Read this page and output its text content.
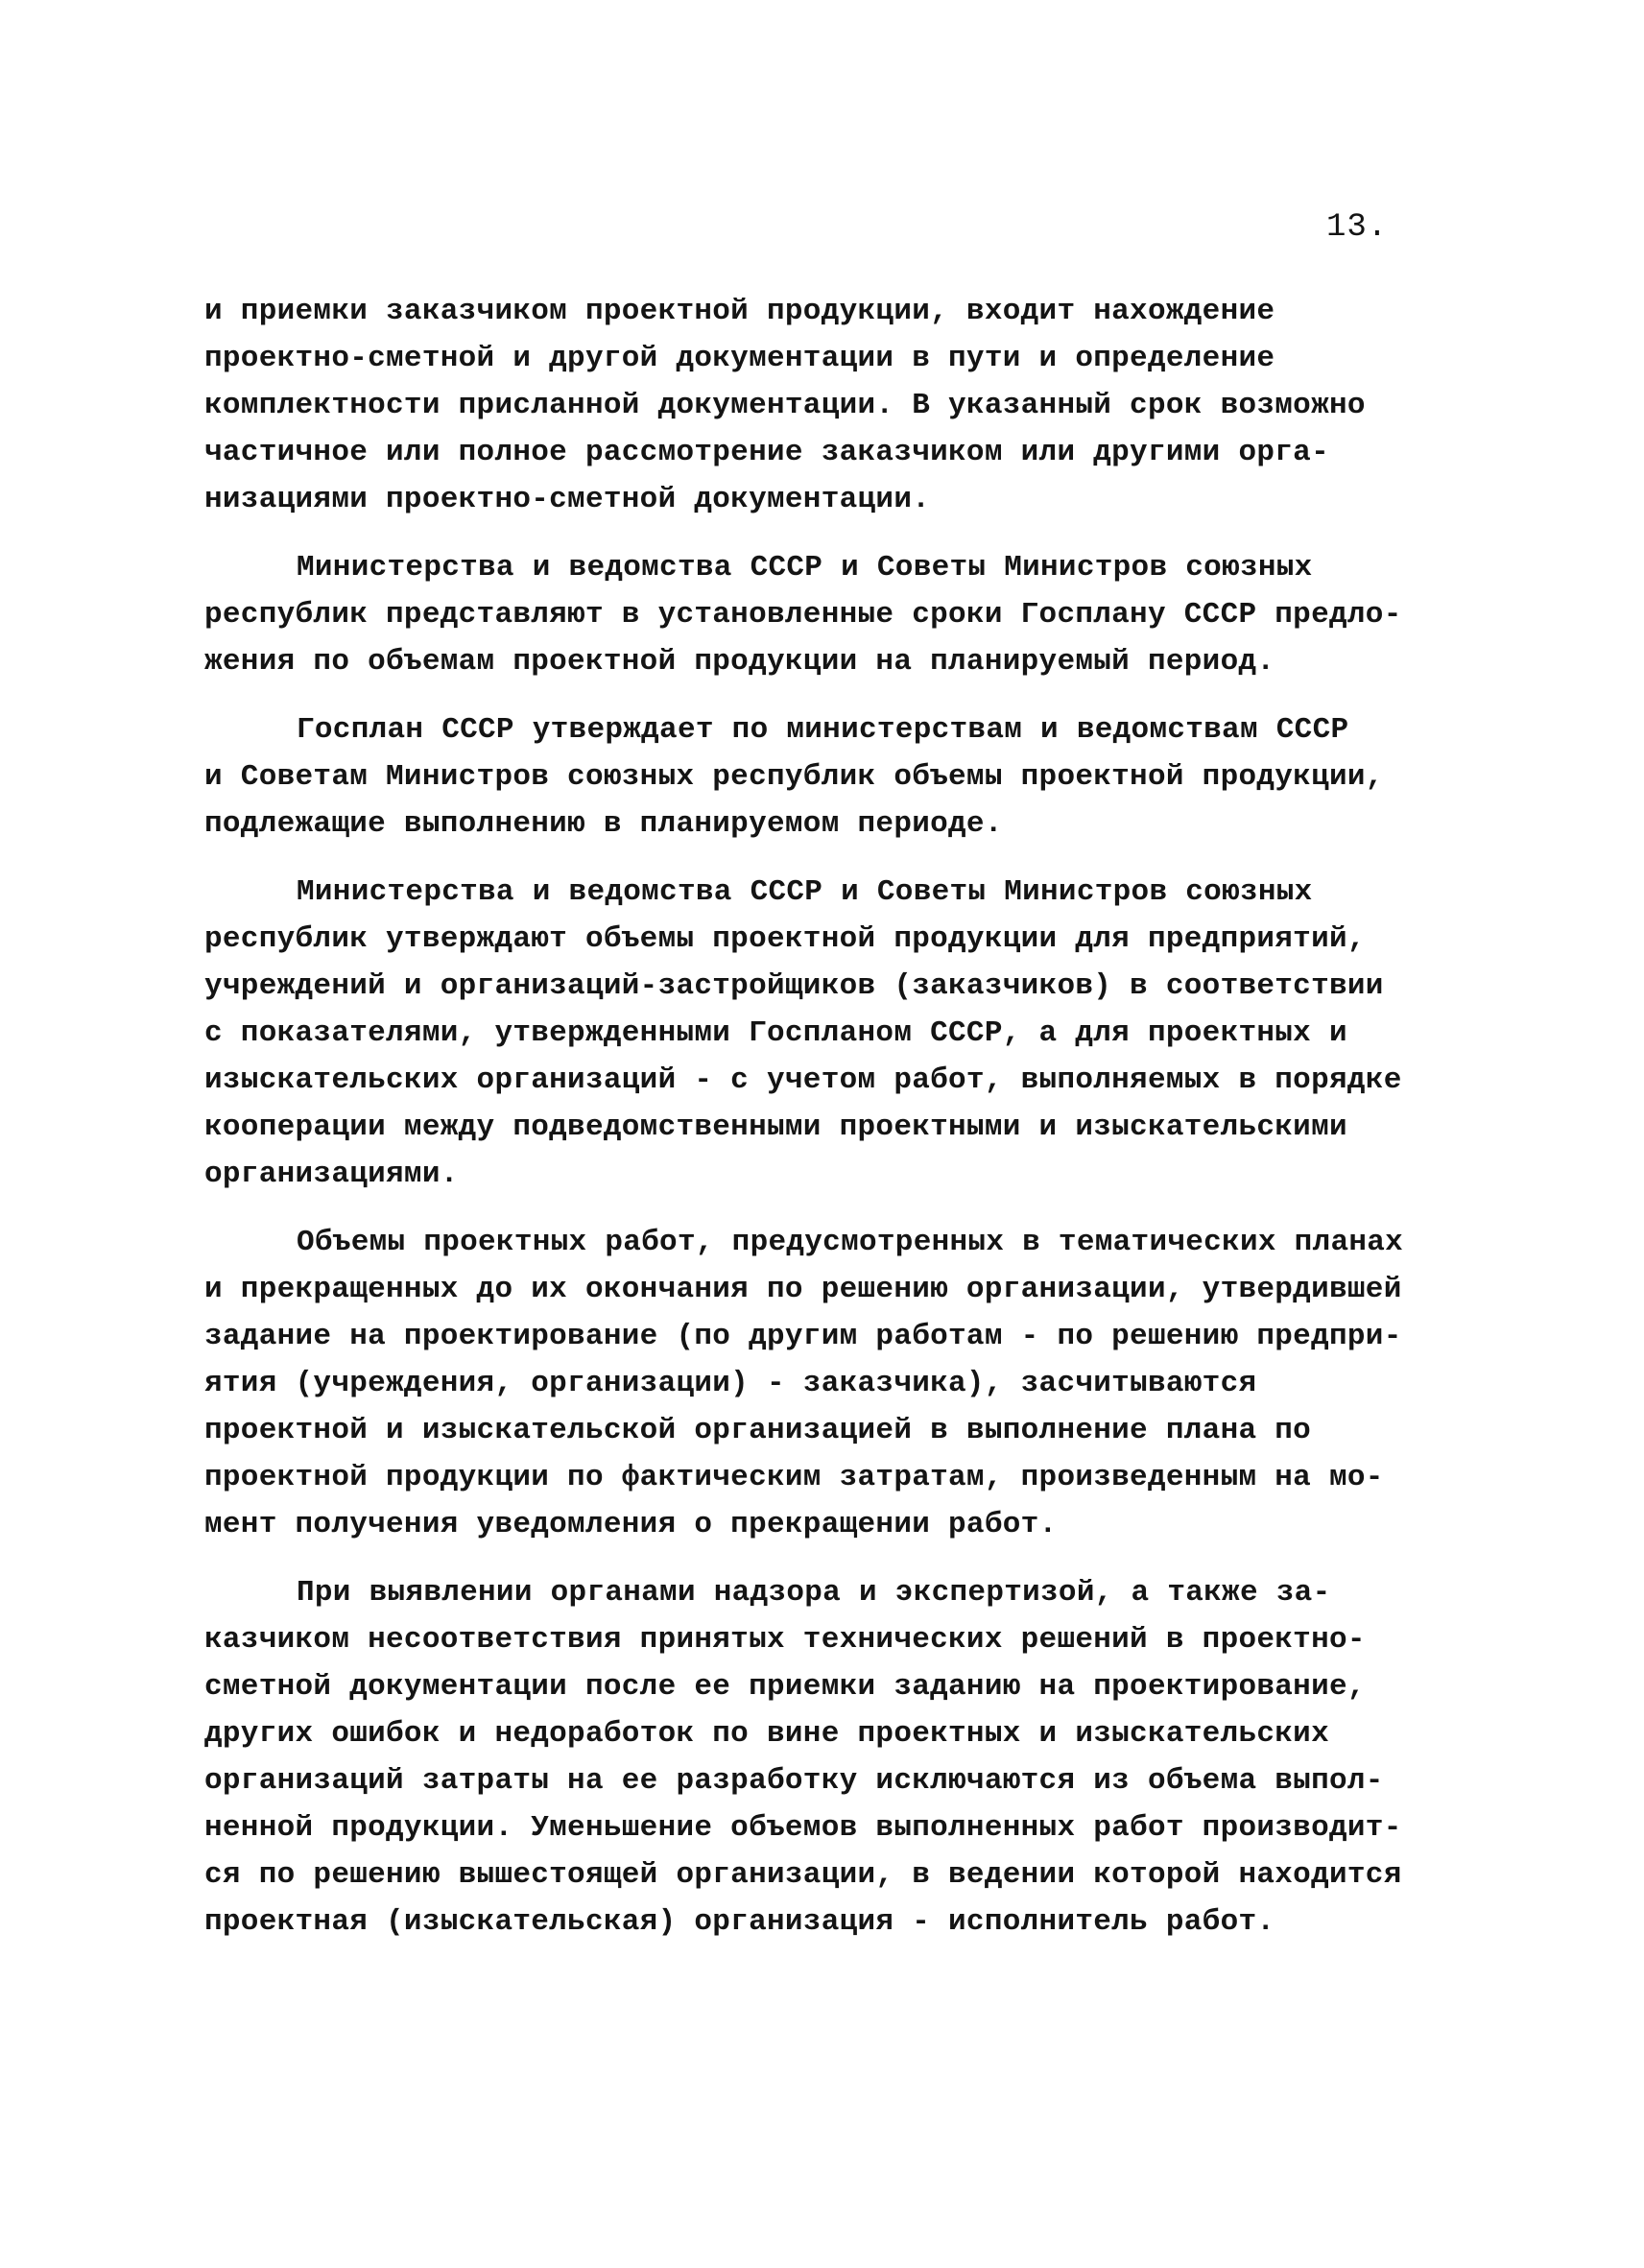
13.
и приемки заказчиком проектной продукции, входит нахождение
проектно-сметной и другой документации в пути и определение
комплектности присланной документации. В указанный срок возможно
частичное или полное рассмотрение заказчиком или другими орга-
низациями проектно-сметной документации.
Министерства и ведомства СССР и Советы Министров союзных
республик представляют в установленные сроки Госплану СССР предло-
жения по объемам проектной продукции на планируемый период.
Госплан СССР утверждает по министерствам и ведомствам СССР
и Советам Министров союзных республик объемы проектной продукции,
подлежащие выполнению в планируемом периоде.
Министерства и ведомства СССР и Советы Министров союзных
республик утверждают объемы проектной продукции для предприятий,
учреждений и организаций-застройщиков (заказчиков) в соответствии
с показателями, утвержденными Госпланом СССР, а для проектных и
изыскательских организаций - с учетом работ, выполняемых в порядке
кооперации между подведомственными проектными и изыскательскими
организациями.
Объемы проектных работ, предусмотренных в тематических планах
и прекращенных до их окончания по решению организации, утвердившей
задание на проектирование (по другим работам - по решению предпри-
ятия (учреждения, организации) - заказчика), засчитываются
проектной и изыскательской организацией в выполнение плана по
проектной продукции по фактическим затратам, произведенным на мо-
мент получения уведомления о прекращении работ.
При выявлении органами надзора и экспертизой, а также за-
казчиком несоответствия принятых технических решений в проектно-
сметной документации после ее приемки заданию на проектирование,
других ошибок и недоработок по вине проектных и изыскательских
организаций затраты на ее разработку исключаются из объема выпол-
ненной продукции. Уменьшение объемов выполненных работ производит-
ся по решению вышестоящей организации, в ведении которой находится
проектная (изыскательская) организация - исполнитель работ.
